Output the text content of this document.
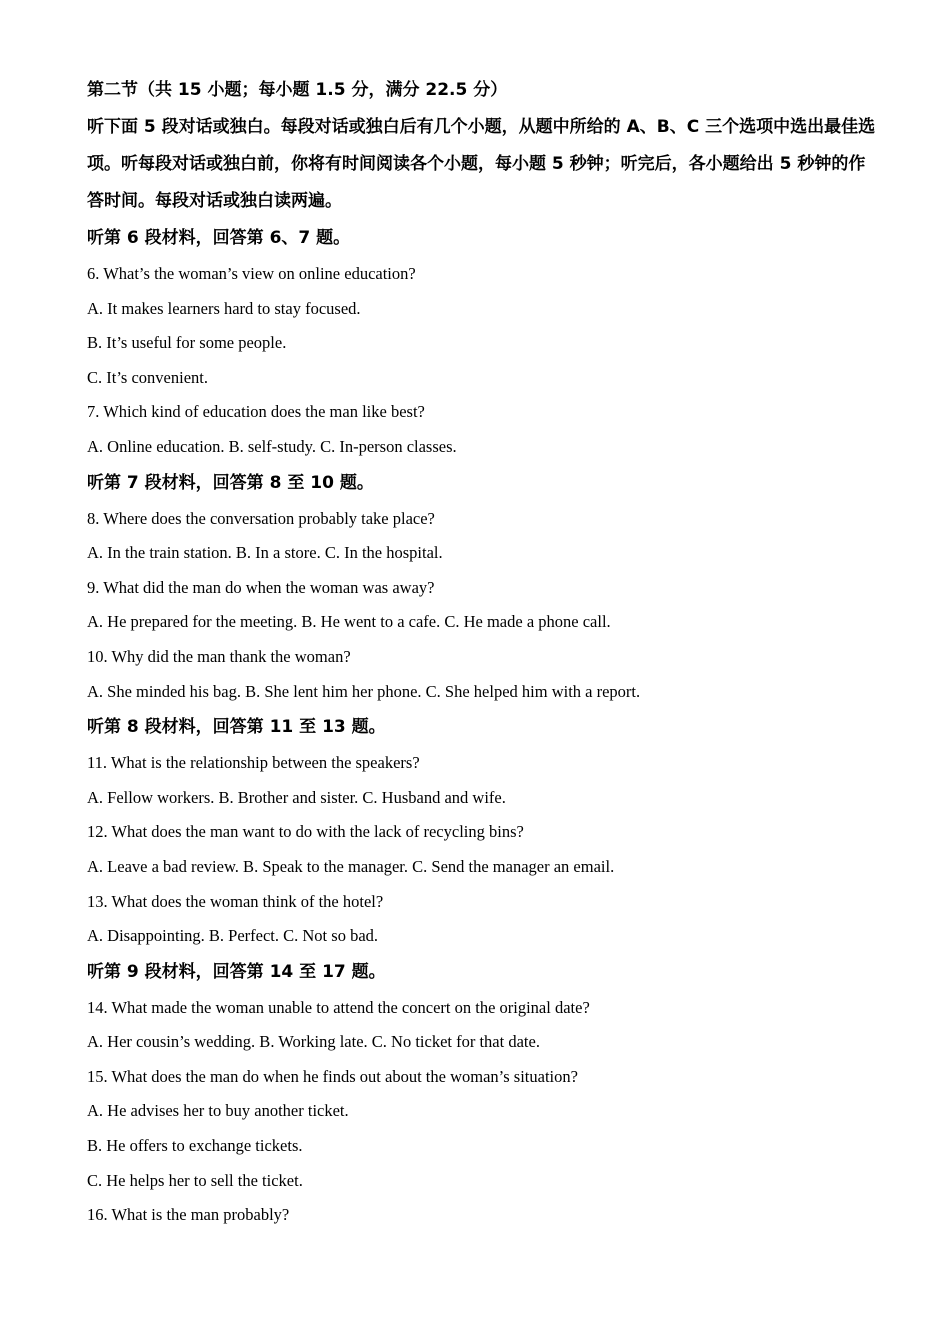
第二节（共 15 小题；每小题 1.5 分，满分 22.5 分）
听下面 5 段对话或独白。每段对话或独白后有几个小题，从题中所给的 A、B、C 三个选项中选出最佳选项。听每段对话或独白前，你将有时间阅读各个小题，每小题 5 秒钟；听完后，各小题给出 5 秒钟的作答时间。每段对话或独白读两遍。
听第 6 段材料，回答第 6、7 题。
6. What’s the woman’s view on online education?
A. It makes learners hard to stay focused.
B. It’s useful for some people.
C. It’s convenient.
7. Which kind of education does the man like best?
A. Online education. B. self-study. C. In-person classes.
听第 7 段材料，回答第 8 至 10 题。
8. Where does the conversation probably take place?
A. In the train station. B. In a store. C. In the hospital.
9. What did the man do when the woman was away?
A. He prepared for the meeting. B. He went to a cafe. C. He made a phone call.
10. Why did the man thank the woman?
A. She minded his bag. B. She lent him her phone. C. She helped him with a report.
听第 8 段材料，回答第 11 至 13 题。
11. What is the relationship between the speakers?
A. Fellow workers. B. Brother and sister. C. Husband and wife.
12. What does the man want to do with the lack of recycling bins?
A. Leave a bad review. B. Speak to the manager. C. Send the manager an email.
13. What does the woman think of the hotel?
A. Disappointing. B. Perfect. C. Not so bad.
听第 9 段材料，回答第 14 至 17 题。
14. What made the woman unable to attend the concert on the original date?
A. Her cousin’s wedding. B. Working late. C. No ticket for that date.
15. What does the man do when he finds out about the woman’s situation?
A. He advises her to buy another ticket.
B. He offers to exchange tickets.
C. He helps her to sell the ticket.
16. What is the man probably?
